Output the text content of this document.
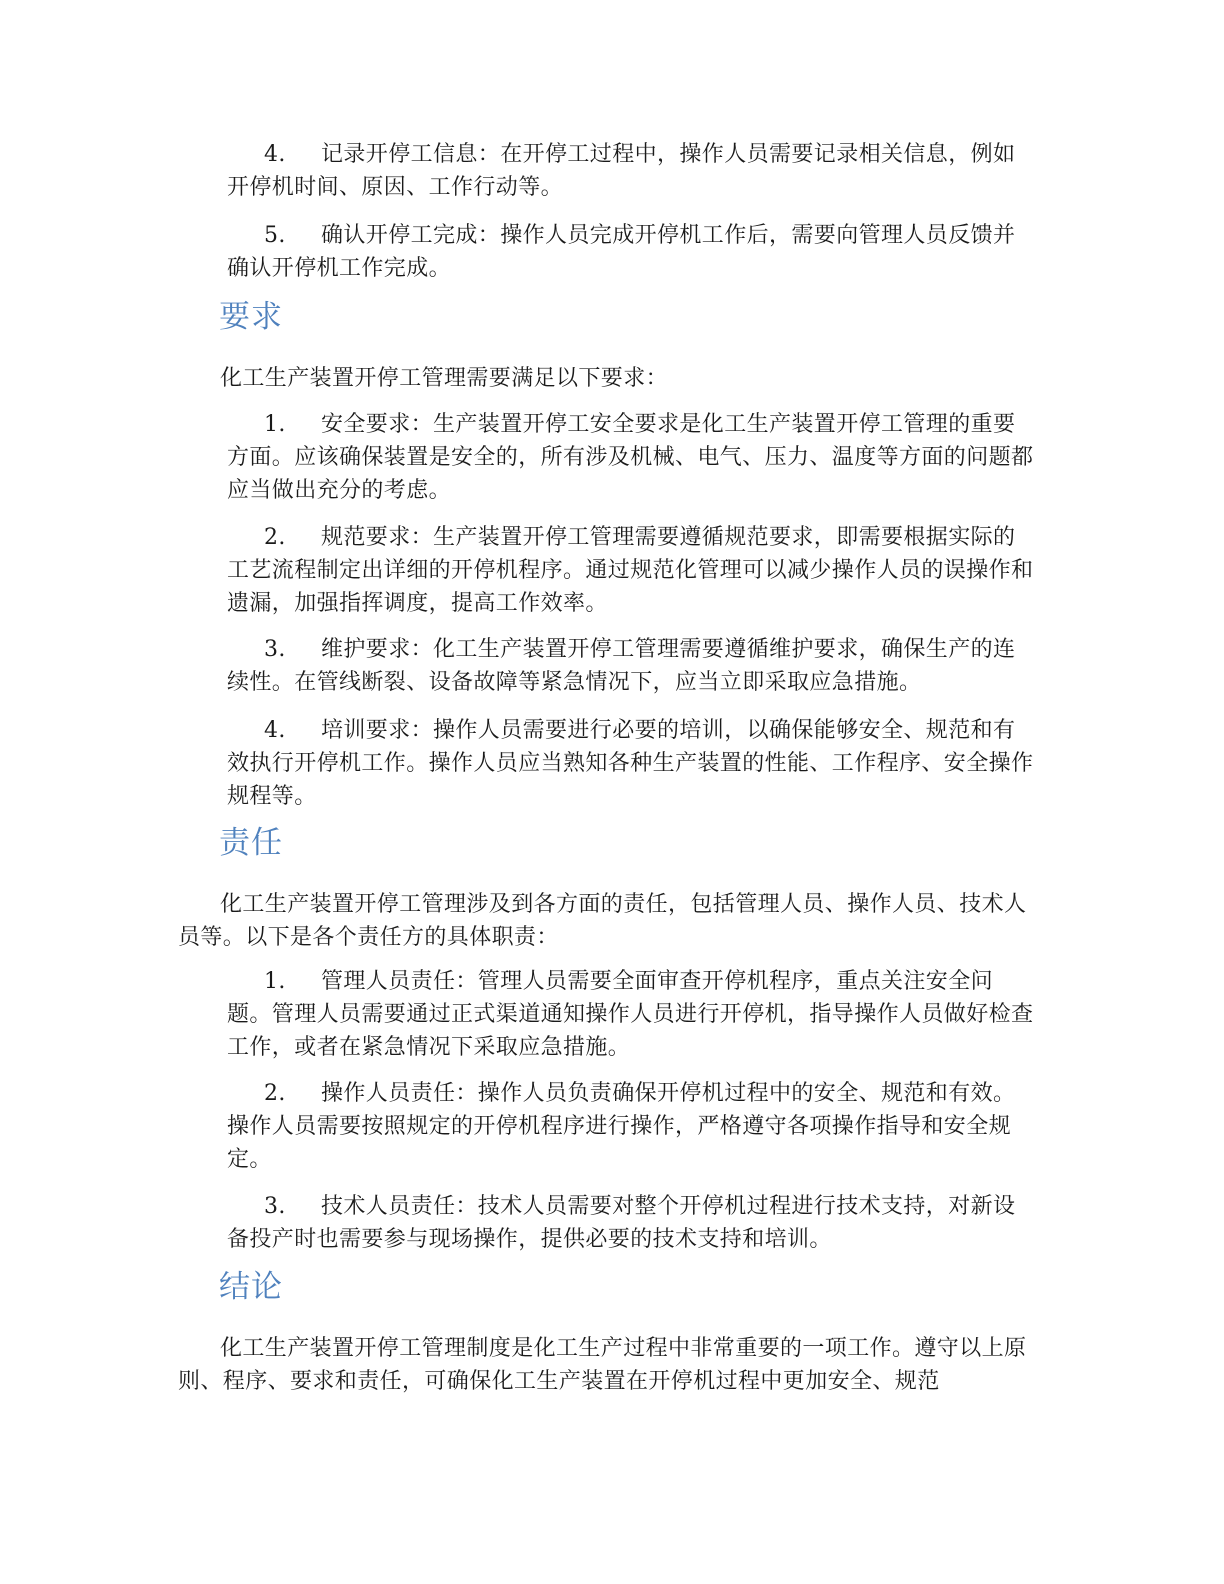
4. 记录开停工信息：在开停工过程中，操作人员需要记录相关信息，例如开停机时间、原因、工作行动等。
5. 确认开停工完成：操作人员完成开停机工作后，需要向管理人员反馈并确认开停机工作完成。
要求
化工生产装置开停工管理需要满足以下要求：
1. 安全要求：生产装置开停工安全要求是化工生产装置开停工管理的重要方面。应该确保装置是安全的，所有涉及机械、电气、压力、温度等方面的问题都应当做出充分的考虑。
2. 规范要求：生产装置开停工管理需要遵循规范要求，即需要根据实际的工艺流程制定出详细的开停机程序。通过规范化管理可以减少操作人员的误操作和遗漏，加强指挥调度，提高工作效率。
3. 维护要求：化工生产装置开停工管理需要遵循维护要求，确保生产的连续性。在管线断裂、设备故障等紧急情况下，应当立即采取应急措施。
4. 培训要求：操作人员需要进行必要的培训，以确保能够安全、规范和有效执行开停机工作。操作人员应当熟知各种生产装置的性能、工作程序、安全操作规程等。
责任
化工生产装置开停工管理涉及到各方面的责任，包括管理人员、操作人员、技术人员等。以下是各个责任方的具体职责：
1. 管理人员责任：管理人员需要全面审查开停机程序，重点关注安全问题。管理人员需要通过正式渠道通知操作人员进行开停机，指导操作人员做好检查工作，或者在紧急情况下采取应急措施。
2. 操作人员责任：操作人员负责确保开停机过程中的安全、规范和有效。操作人员需要按照规定的开停机程序进行操作，严格遵守各项操作指导和安全规定。
3. 技术人员责任：技术人员需要对整个开停机过程进行技术支持，对新设备投产时也需要参与现场操作，提供必要的技术支持和培训。
结论
化工生产装置开停工管理制度是化工生产过程中非常重要的一项工作。遵守以上原则、程序、要求和责任，可确保化工生产装置在开停机过程中更加安全、规范
